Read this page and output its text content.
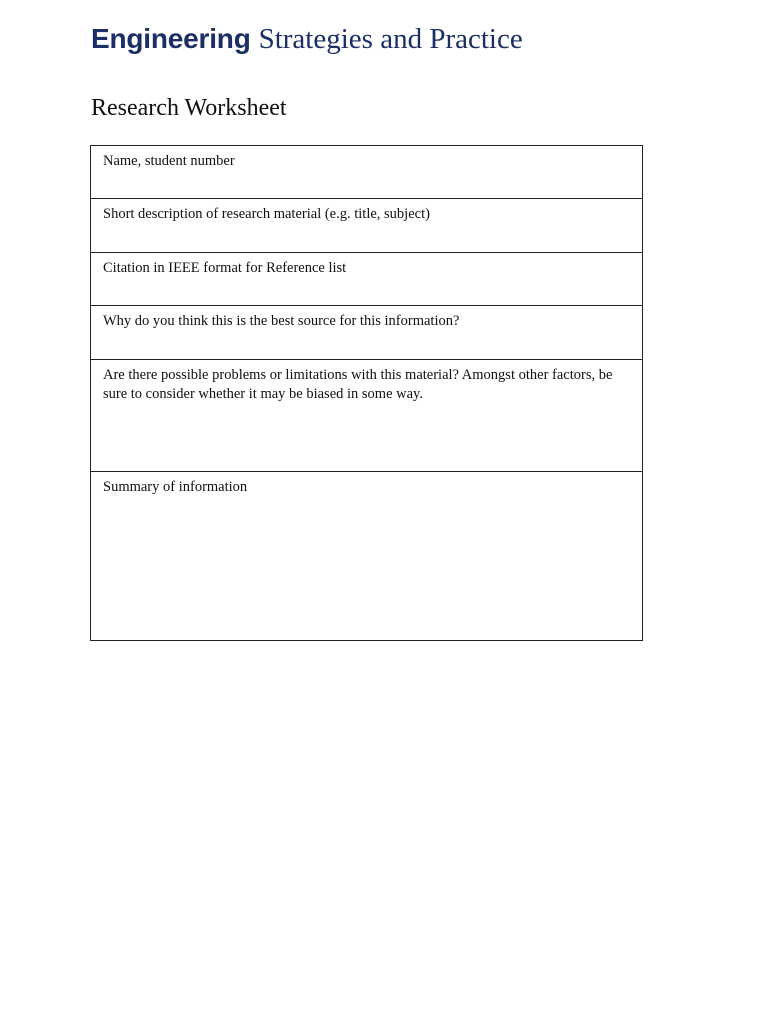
Engineering Strategies and Practice
Research Worksheet
Name, student number
Short description of research material (e.g. title, subject)
Citation in IEEE format for Reference list
Why do you think this is the best source for this information?
Are there possible problems or limitations with this material? Amongst other factors, be sure to consider whether it may be biased in some way.
Summary of information
